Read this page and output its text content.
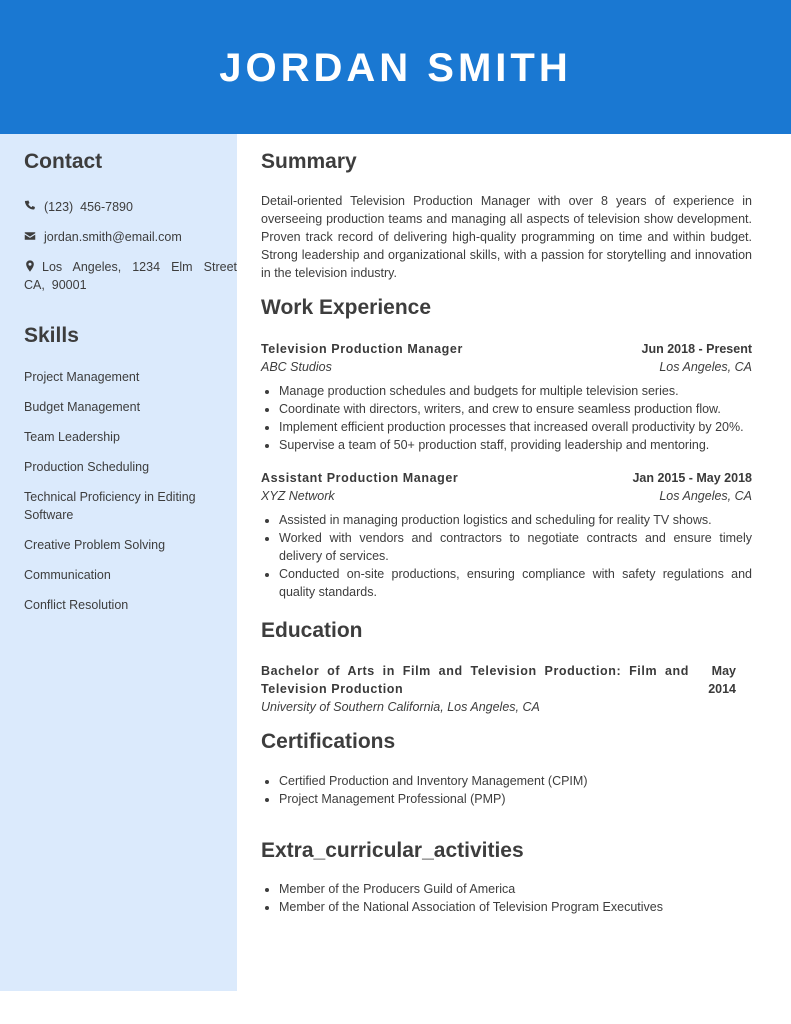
JORDAN SMITH
Contact
(123)  456-7890
jordan.smith@email.com
Los  Angeles,  1234  Elm  Street CA,  90001
Skills
Project Management
Budget Management
Team Leadership
Production Scheduling
Technical Proficiency in Editing Software
Creative Problem Solving
Communication
Conflict Resolution
Summary

Detail-oriented Television Production Manager with over 8 years of experience in overseeing production teams and managing all aspects of television show development. Proven track record of delivering high-quality programming on time and within budget. Strong leadership and organizational skills, with a passion for storytelling and innovation in the television industry.

Work Experience
Television Production Manager	Jun 2018 - Present
ABC Studios	Los Angeles, CA
• Manage production schedules and budgets for multiple television series.
• Coordinate with directors, writers, and crew to ensure seamless production flow.
• Implement efficient production processes that increased overall productivity by 20%.
• Supervise a team of 50+ production staff, providing leadership and mentoring.
Assistant Production Manager	Jan 2015 - May 2018
XYZ Network	Los Angeles, CA
• Assisted in managing production logistics and scheduling for reality TV shows.
• Worked with vendors and contractors to negotiate contracts and ensure timely delivery of services.
• Conducted on-site productions, ensuring compliance with safety regulations and quality standards.
Education
Bachelor of Arts in Film and Television Production: Film and Television Production
May 2014
University of Southern California, Los Angeles, CA
Certifications
• Certified Production and Inventory Management (CPIM)
• Project Management Professional (PMP)
Extra_curricular_activities
• Member of the Producers Guild of America
• Member of the National Association of Television Program Executives
